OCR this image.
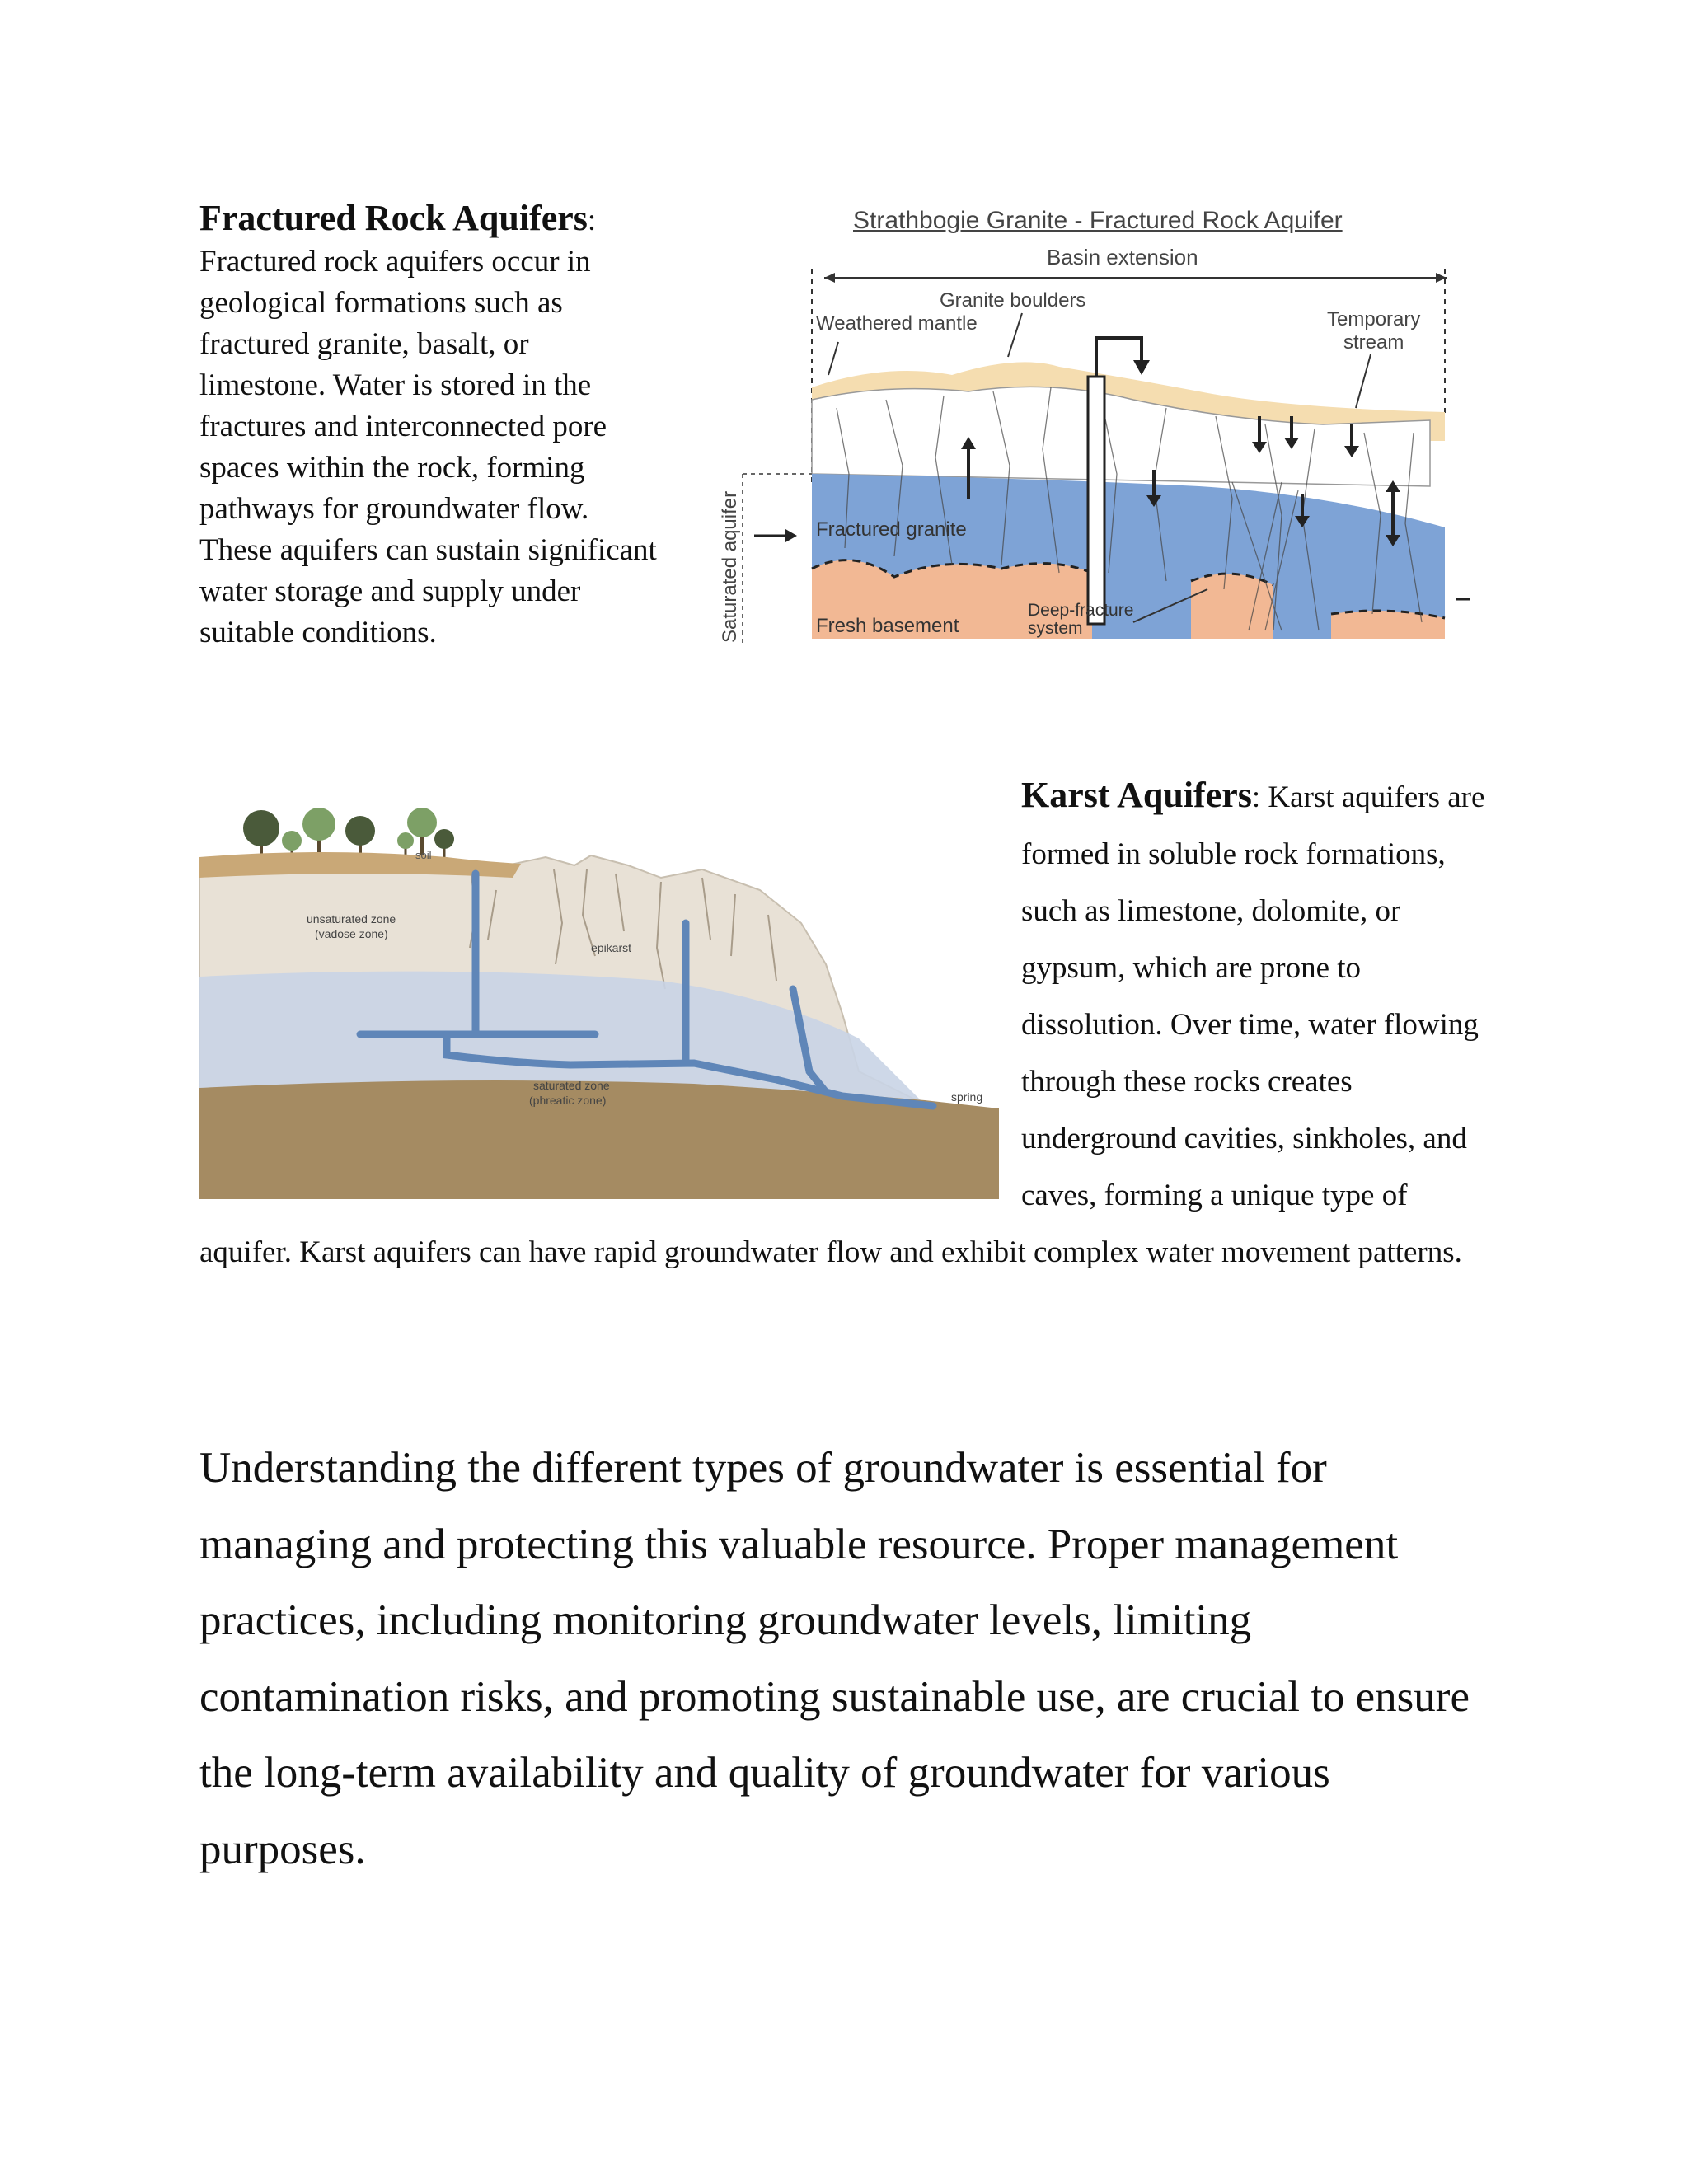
Fractured Rock Aquifers:
Fractured rock aquifers occur in geological formations such as fractured granite, basalt, or limestone. Water is stored in the fractures and interconnected pore spaces within the rock, forming pathways for groundwater flow. These aquifers can sustain significant water storage and supply under suitable conditions.
Strathbogie Granite - Fractured Rock Aquifer
Basin extension
Granite boulders
Weathered mantle	Temporary
stream
Saturated aquifer	Fractured granite
Fresh basement
Deep-fracture
system
soil
unsaturated zone
(vadose zone)
epikarst
saturated zone
(phreatic zone)	spring
Karst Aquifers: Karst aquifers are formed in soluble rock formations, such as limestone, dolomite, or gypsum, which are prone to dissolution. Over time, water flowing through these rocks creates underground cavities, sinkholes, and caves, forming a unique type of aquifer. Karst aquifers can have rapid groundwater flow and exhibit complex water movement patterns.
Understanding the different types of groundwater is essential for managing and protecting this valuable resource. Proper management practices, including monitoring groundwater levels, limiting contamination risks, and promoting sustainable use, are crucial to ensure the long-term availability and quality of groundwater for various purposes.
